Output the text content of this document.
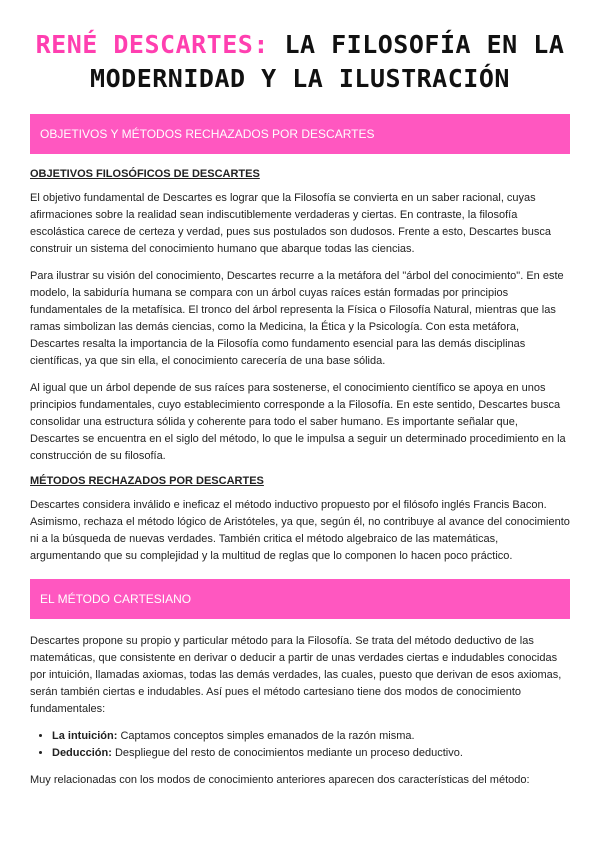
RENÉ DESCARTES: LA FILOSOFÍA EN LA MODERNIDAD Y LA ILUSTRACIÓN
OBJETIVOS Y MÉTODOS RECHAZADOS POR DESCARTES
OBJETIVOS FILOSÓFICOS DE DESCARTES

El objetivo fundamental de Descartes es lograr que la Filosofía se convierta en un saber racional, cuyas afirmaciones sobre la realidad sean indiscutiblemente verdaderas y ciertas. En contraste, la filosofía escolástica carece de certeza y verdad, pues sus postulados son dudosos. Frente a esto, Descartes busca construir un sistema del conocimiento humano que abarque todas las ciencias.

Para ilustrar su visión del conocimiento, Descartes recurre a la metáfora del "árbol del conocimiento". En este modelo, la sabiduría humana se compara con un árbol cuyas raíces están formadas por principios fundamentales de la metafísica. El tronco del árbol representa la Física o Filosofía Natural, mientras que las ramas simbolizan las demás ciencias, como la Medicina, la Ética y la Psicología. Con esta metáfora, Descartes resalta la importancia de la Filosofía como fundamento esencial para las demás disciplinas científicas, ya que sin ella, el conocimiento carecería de una base sólida.

Al igual que un árbol depende de sus raíces para sostenerse, el conocimiento científico se apoya en unos principios fundamentales, cuyo establecimiento corresponde a la Filosofía. En este sentido, Descartes busca consolidar una estructura sólida y coherente para todo el saber humano. Es importante señalar que, Descartes se encuentra en el siglo del método, lo que le impulsa a seguir un determinado procedimiento en la construcción de su filosofía.

MÉTODOS RECHAZADOS POR DESCARTES

Descartes considera inválido e ineficaz el método inductivo propuesto por el filósofo inglés Francis Bacon. Asimismo, rechaza el método lógico de Aristóteles, ya que, según él, no contribuye al avance del conocimiento ni a la búsqueda de nuevas verdades. También critica el método algebraico de las matemáticas, argumentando que su complejidad y la multitud de reglas que lo componen lo hacen poco práctico.

EL MÉTODO CARTESIANO

Descartes propone su propio y particular método para la Filosofía. Se trata del método deductivo de las matemáticas, que consistente en derivar o deducir a partir de unas verdades ciertas e indudables conocidas por intuición, llamadas axiomas, todas las demás verdades, las cuales, puesto que derivan de esos axiomas, serán también ciertas e indudables. Así pues el método cartesiano tiene dos modos de conocimiento fundamentales:

• La intuición: Captamos conceptos simples emanados de la razón misma.
• Deducción: Despliegue del resto de conocimientos mediante un proceso deductivo.

Muy relacionadas con los modos de conocimiento anteriores aparecen dos características del método:
